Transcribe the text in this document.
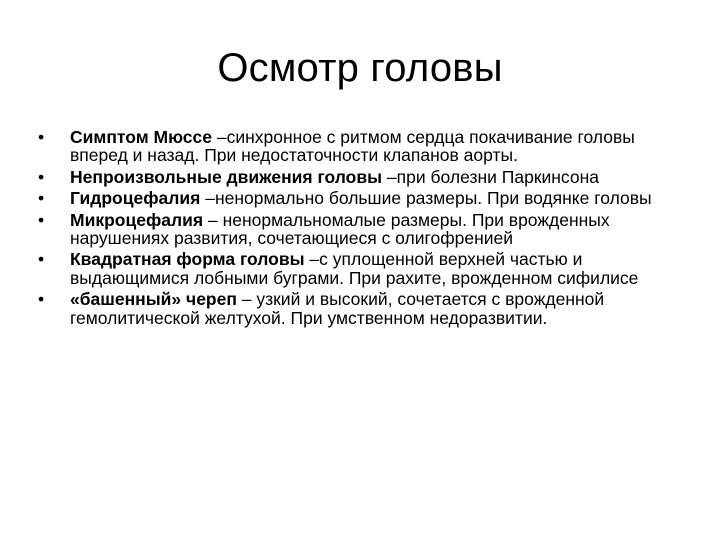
Осмотр головы
•	Симптом Мюссе –синхронное с ритмом сердца покачивание головы вперед и назад. При недостаточности клапанов аорты.
•	Непроизвольные движения головы –при болезни Паркинсона
•	Гидроцефалия –ненормально большие размеры. При водянке головы
•	Микроцефалия – ненормальномалые размеры. При врожденных нарушениях развития, сочетающиеся с олигофренией
•	Квадратная форма головы –с уплощенной верхней частью и выдающимися лобными буграми. При рахите, врожденном сифилисе
•	«башенный» череп – узкий и высокий, сочетается с врожденной гемолитической желтухой. При умственном недоразвитии.
